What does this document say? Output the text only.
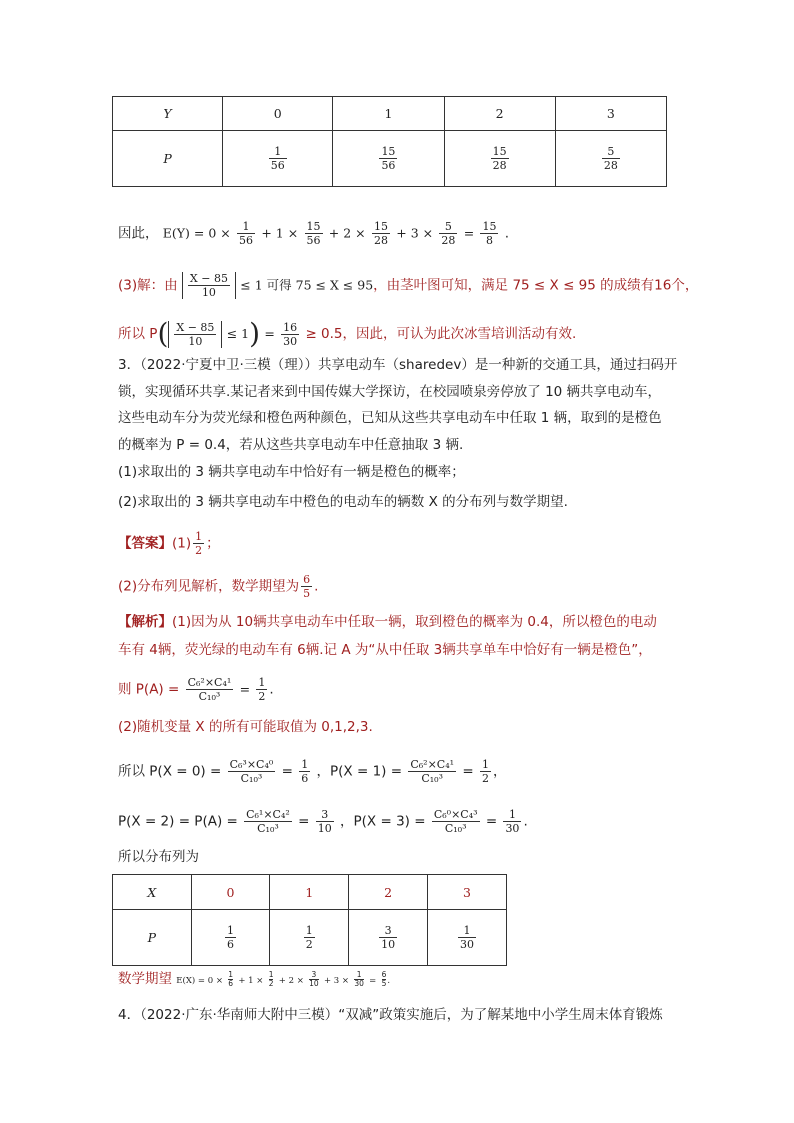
Y	0	1	2	3
P	$\frac{1}{56}$	$\frac{15}{56}$	$\frac{15}{28}$	$\frac{5}{28}$
因此， $E(Y) = 0 \times \frac{1}{56} + 1 \times \frac{15}{56} + 2 \times \frac{15}{28} + 3 \times \frac{5}{28} = \frac{15}{8}$ .
(3)解：由 $\frac{X - 85}{10} \le 1$ 可得 75 ≤ X ≤ 95，由茎叶图可知，满足 75 ≤ X ≤ 95 的成绩有16个，
所以 $P( \frac{X - 85}{10} \le 1) = \frac{16}{30} \ge 0.5$，因此，可认为此次冰雪培训活动有效.
3．（2022·宁夏中卫·三模（理））共享电动车（sharedev）是一种新的交通工具，通过扫码开
锁，实现循环共享.某记者来到中国传媒大学探访，在校园喷泉旁停放了 10 辆共享电动车，
这些电动车分为荧光绿和橙色两种颜色，已知从这些共享电动车中任取 1 辆，取到的是橙色
的概率为 P = 0.4，若从这些共享电动车中任意抽取 3 辆.
(1)求取出的 3 辆共享电动车中恰好有一辆是橙色的概率；
(2)求取出的 3 辆共享电动车中橙色的电动车的辆数 X 的分布列与数学期望.
【答案】$(1) \frac{1}{2}$ ；
(2)分布列见解析，数学期望为 $\frac{6}{5}$ .
【解析】(1)因为从 10辆共享电动车中任取一辆，取到橙色的概率为 0.4，所以橙色的电动
车有 4辆，荧光绿的电动车有 6辆.记 A 为“从中任取 3辆共享单车中恰好有一辆是橙色”，
则 $P(A) = \frac{\text{C₆²×C₄¹}}{\text{C₁₀³}} = \frac{1}{2}$ .
(2)随机变量 X 的所有可能取值为 0,1,2,3.
所以 $P(X = 0) = \frac{\text{C₆³×C₄⁰}}{\text{C₁₀³}} = \frac{1}{6}$ ，$P(X = 1) = \frac{\text{C₆²×C₄¹}}{\text{C₁₀³}} = \frac{1}{2}$ ，
$P(X = 2) = P(A) = \frac{\text{C₆¹×C₄²}}{\text{C₁₀³}} = \frac{3}{10}$ ，$P(X = 3) = \frac{\text{C₆⁰×C₄³}}{\text{C₁₀³}} = \frac{1}{30}$ .
所以分布列为
X	0	1	2	3
P	$\frac{1}{6}$	$\frac{1}{2}$	$\frac{3}{10}$	$\frac{1}{30}$
数学期望 $E(X) = 0 \times \frac{1}{6} + 1 \times \frac{1}{2} + 2 \times \frac{3}{10} + 3 \times \frac{1}{30} = \frac{6}{5}$ .
4．（2022·广东·华南师大附中三模）“双减”政策实施后，为了解某地中小学生周末体育锻炼
